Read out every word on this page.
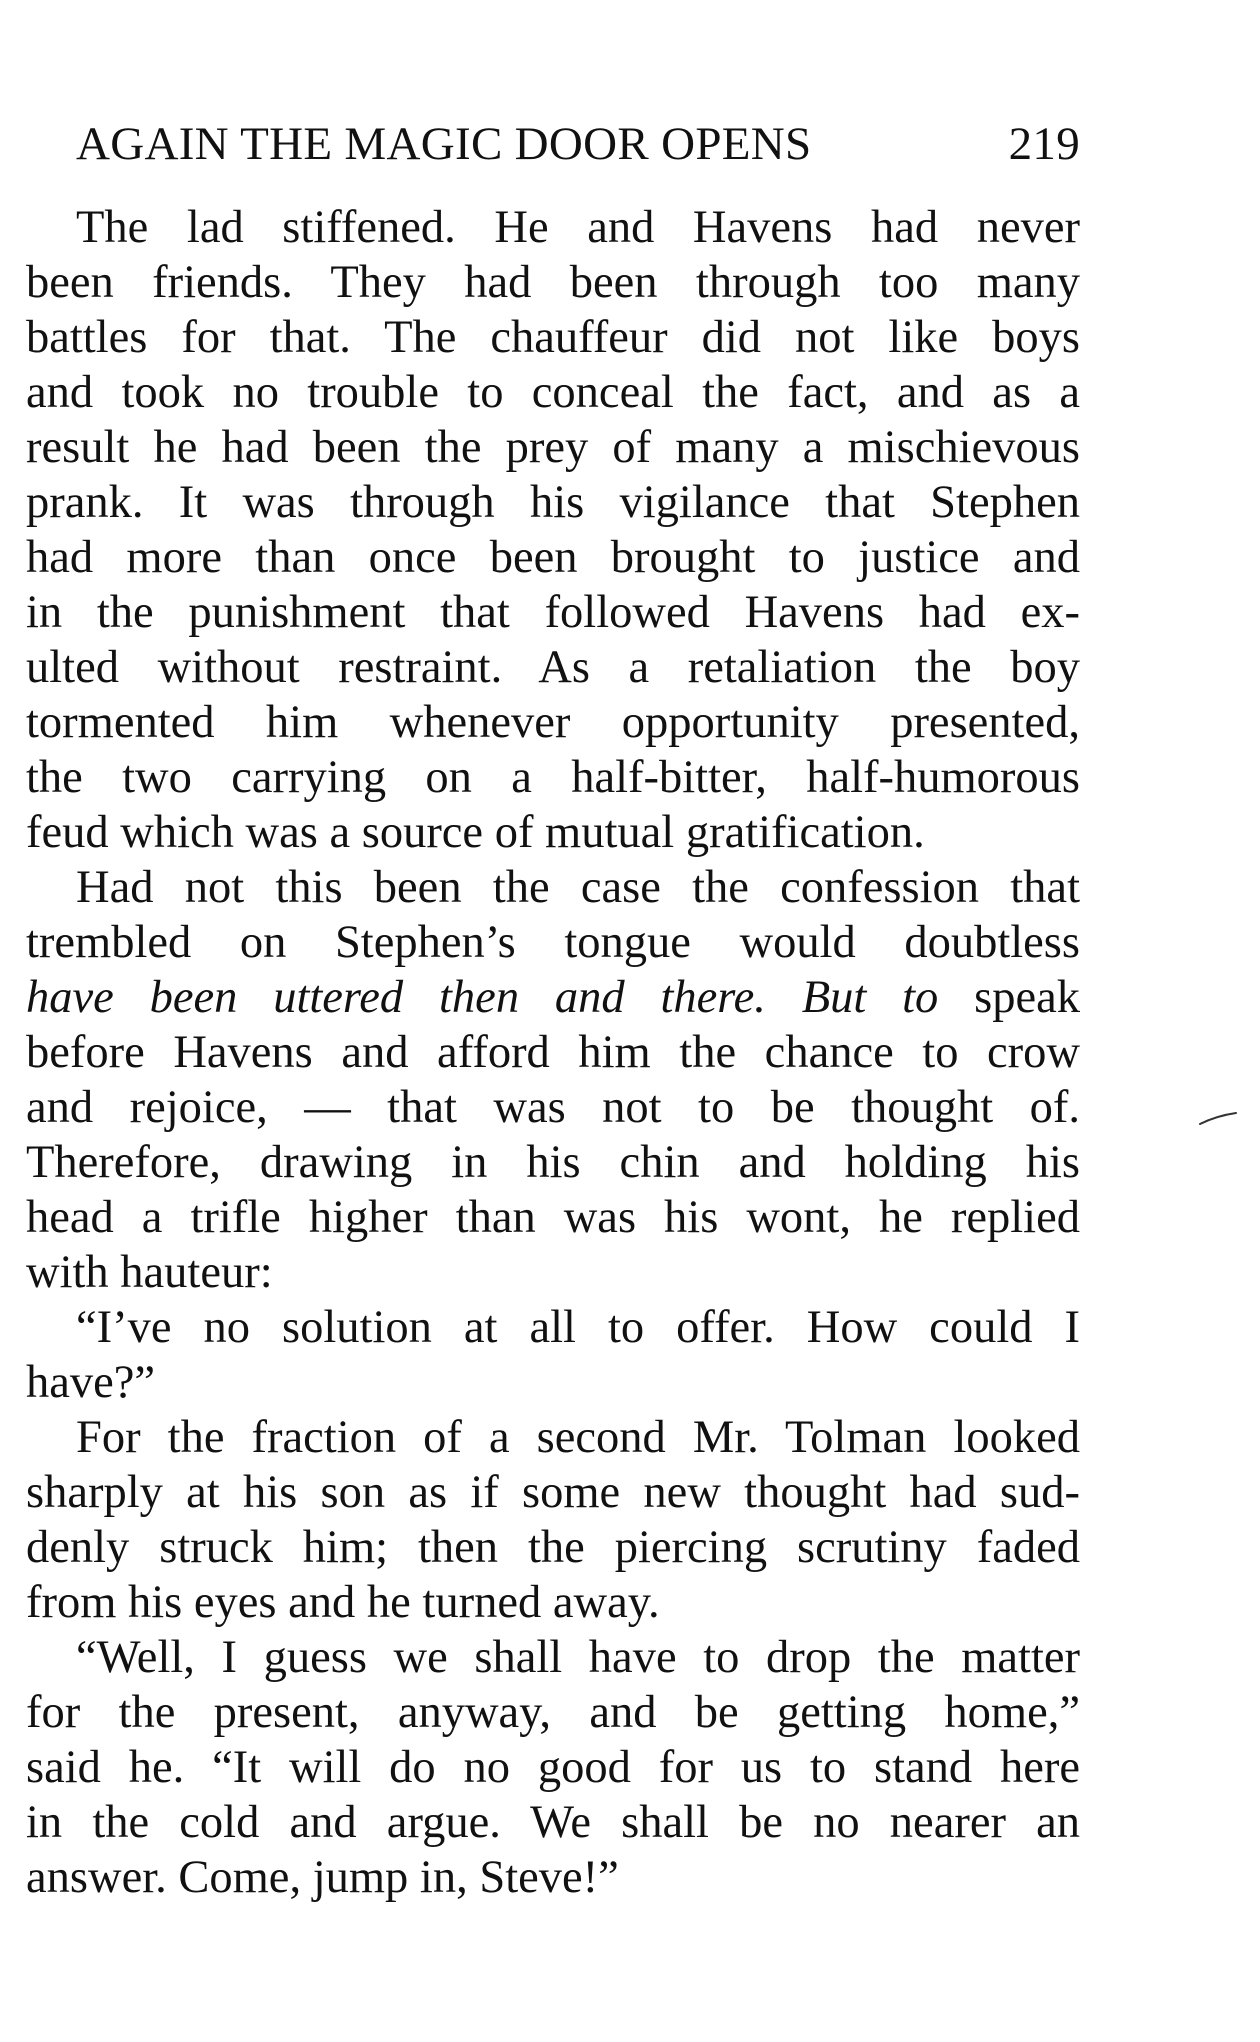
AGAIN THE MAGIC DOOR OPENS	219
The lad stiffened. He and Havens had never
been friends. They had been through too many
battles for that. The chauffeur did not like boys
and took no trouble to conceal the fact, and as a
result he had been the prey of many a mischievous
prank. It was through his vigilance that Stephen
had more than once been brought to justice and
in the punishment that followed Havens had ex-
ulted without restraint. As a retaliation the boy
tormented him whenever opportunity presented,
the two carrying on a half-bitter, half-humorous
feud which was a source of mutual gratification.
Had not this been the case the confession that
trembled on Stephen’s tongue would doubtless
have been uttered then and there. But to speak
before Havens and afford him the chance to crow
and rejoice, — that was not to be thought of.
Therefore, drawing in his chin and holding his
head a trifle higher than was his wont, he replied
with hauteur:
“I’ve no solution at all to offer. How could I
have?”
For the fraction of a second Mr. Tolman looked
sharply at his son as if some new thought had sud-
denly struck him; then the piercing scrutiny faded
from his eyes and he turned away.
“Well, I guess we shall have to drop the matter
for the present, anyway, and be getting home,”
said he. “It will do no good for us to stand here
in the cold and argue. We shall be no nearer an
answer. Come, jump in, Steve!”
